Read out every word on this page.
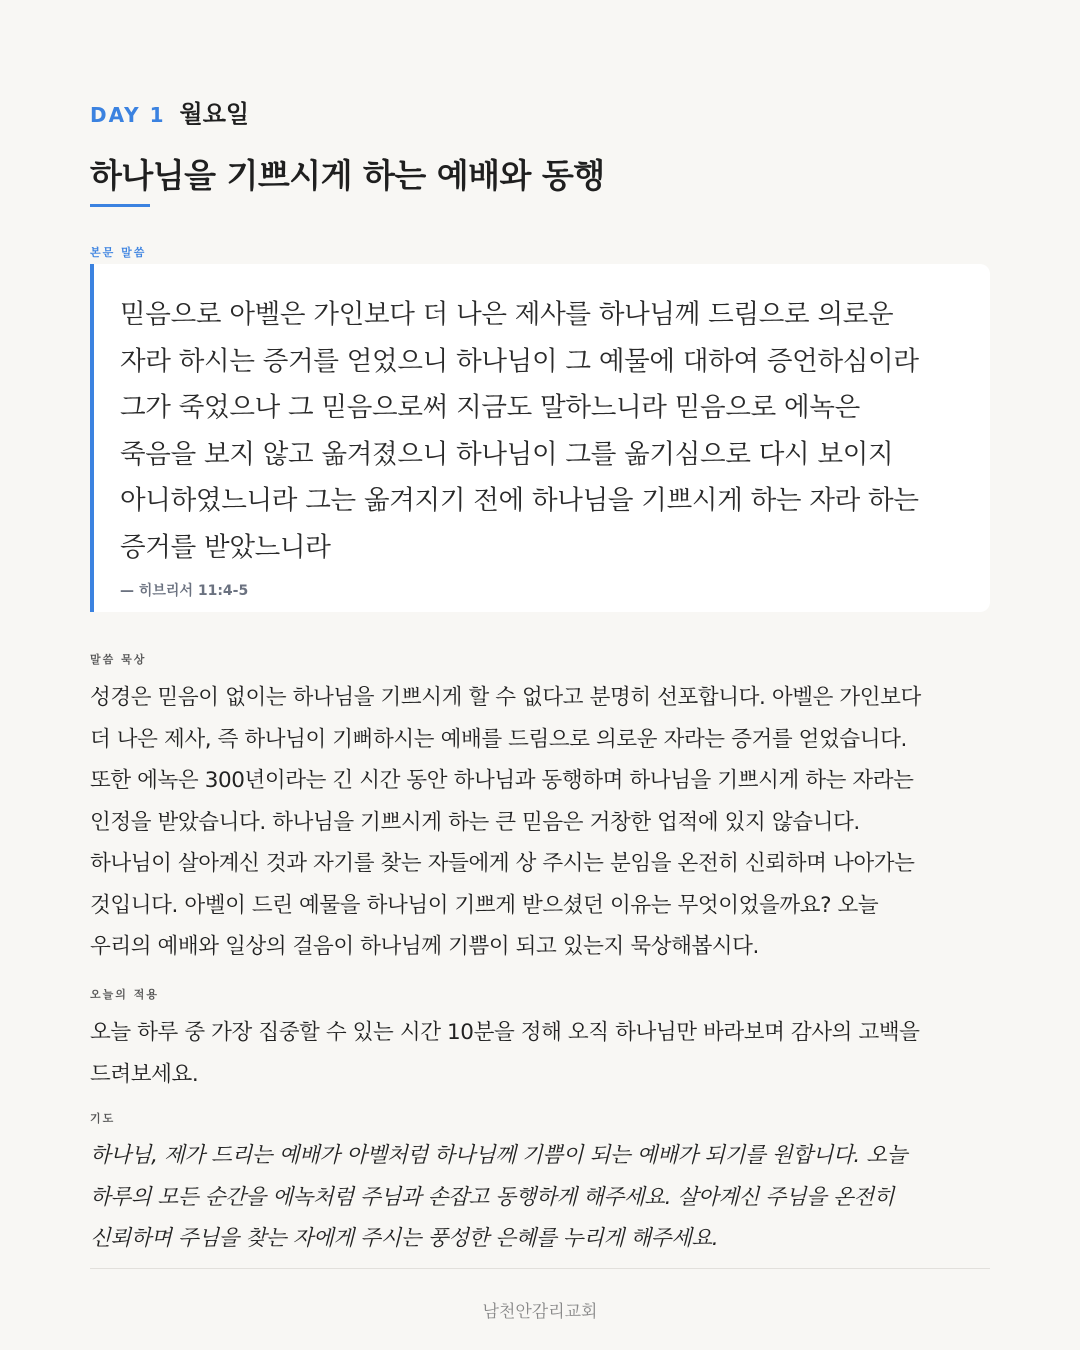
DAY 1 월요일
하나님을 기쁘시게 하는 예배와 동행
본문 말씀

믿음으로 아벨은 가인보다 더 나은 제사를 하나님께 드림으로 의로운
자라 하시는 증거를 얻었으니 하나님이 그 예물에 대하여 증언하심이라
그가 죽었으나 그 믿음으로써 지금도 말하느니라 믿음으로 에녹은
죽음을 보지 않고 옮겨졌으니 하나님이 그를 옮기심으로 다시 보이지
아니하였느니라 그는 옮겨지기 전에 하나님을 기쁘시게 하는 자라 하는
증거를 받았느니라

— 히브리서 11:4-5
말씀 묵상

성경은 믿음이 없이는 하나님을 기쁘시게 할 수 없다고 분명히 선포합니다. 아벨은 가인보다
더 나은 제사, 즉 하나님이 기뻐하시는 예배를 드림으로 의로운 자라는 증거를 얻었습니다.
또한 에녹은 300년이라는 긴 시간 동안 하나님과 동행하며 하나님을 기쁘시게 하는 자라는
인정을 받았습니다. 하나님을 기쁘시게 하는 큰 믿음은 거창한 업적에 있지 않습니다.
하나님이 살아계신 것과 자기를 찾는 자들에게 상 주시는 분임을 온전히 신뢰하며 나아가는
것입니다. 아벨이 드린 예물을 하나님이 기쁘게 받으셨던 이유는 무엇이었을까요? 오늘
우리의 예배와 일상의 걸음이 하나님께 기쁨이 되고 있는지 묵상해봅시다.

오늘의 적용

오늘 하루 중 가장 집중할 수 있는 시간 10분을 정해 오직 하나님만 바라보며 감사의 고백을
드려보세요.

기도

하나님, 제가 드리는 예배가 아벨처럼 하나님께 기쁨이 되는 예배가 되기를 원합니다. 오늘
하루의 모든 순간을 에녹처럼 주님과 손잡고 동행하게 해주세요. 살아계신 주님을 온전히
신뢰하며 주님을 찾는 자에게 주시는 풍성한 은혜를 누리게 해주세요.

남천안감리교회
